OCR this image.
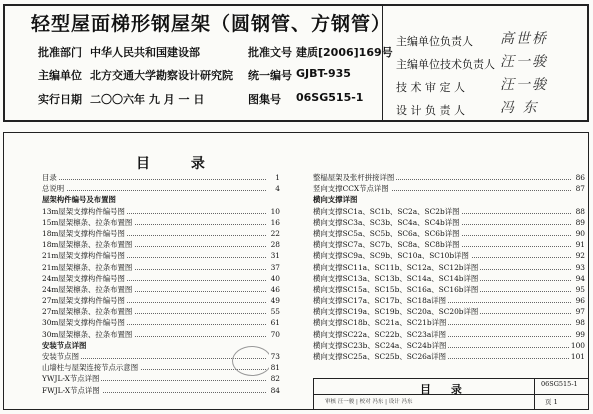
轻型屋面梯形钢屋架（圆钢管、方钢管）
批准部门 中华人民共和国建设部	批准文号 建质[2006]169号
主编单位 北方交通大学勘察设计研究院 统一编号 GJBT-935
实行日期 二〇〇六年 九 月 一 日	图集号 06SG515-1
主编单位负责人 高世桥
主编单位技术负责人 汪一骏
技 术 审 定 人	汪一骏
设 计 负 责 人	冯 东
目 录
目录	1
总说明	4
屋架构件编号及布置图
13m屋架支撑构件编号图	10
15m屋架檩条、拉条布置图	16
18m屋架支撑构件编号图	22
18m屋架檩条、拉条布置图	28
21m屋架支撑构件编号图	31
21m屋架檩条、拉条布置图	37
24m屋架支撑构件编号图	40
24m屋架檩条、拉条布置图	46
27m屋架支撑构件编号图	49
27m屋架檩条、拉条布置图	55
30m屋架支撑构件编号图	61
30m屋架檩条、拉条布置图	70
安装节点详图
安装节点图	73
山墙柱与屋架连接节点示意图	81
YWJL-X节点详图	82
FWJL-X节点详图	84
整榀屋架及张杆拼接详图	86
竖向支撑CCX节点详图	87
横向支撑详图
横向支撑SC1a、SC1b、SC2a、SC2b详图	88
横向支撑SC3a、SC3b、SC4a、SC4b详图	89
横向支撑SC5a、SC5b、SC6a、SC6b详图	90
横向支撑SC7a、SC7b、SC8a、SC8b详图	91
横向支撑SC9a、SC9b、SC10a、SC10b详图	92
横向支撑SC11a、SC11b、SC12a、SC12b详图	93
横向支撑SC13a、SC13b、SC14a、SC14b详图	94
横向支撑SC15a、SC15b、SC16a、SC16b详图	95
横向支撑SC17a、SC17b、SC18a详图	96
横向支撑SC19a、SC19b、SC20a、SC20b详图	97
横向支撑SC18b、SC21a、SC21b详图	98
横向支撑SC22a、SC22b、SC23a详图	99
横向支撑SC23b、SC24a、SC24b详图	100
横向支撑SC25a、SC25b、SC26a详图	101
目 录
审核 汪一骏 | 校对 冯东 | 设计 冯东
06SG515-1
页 1
